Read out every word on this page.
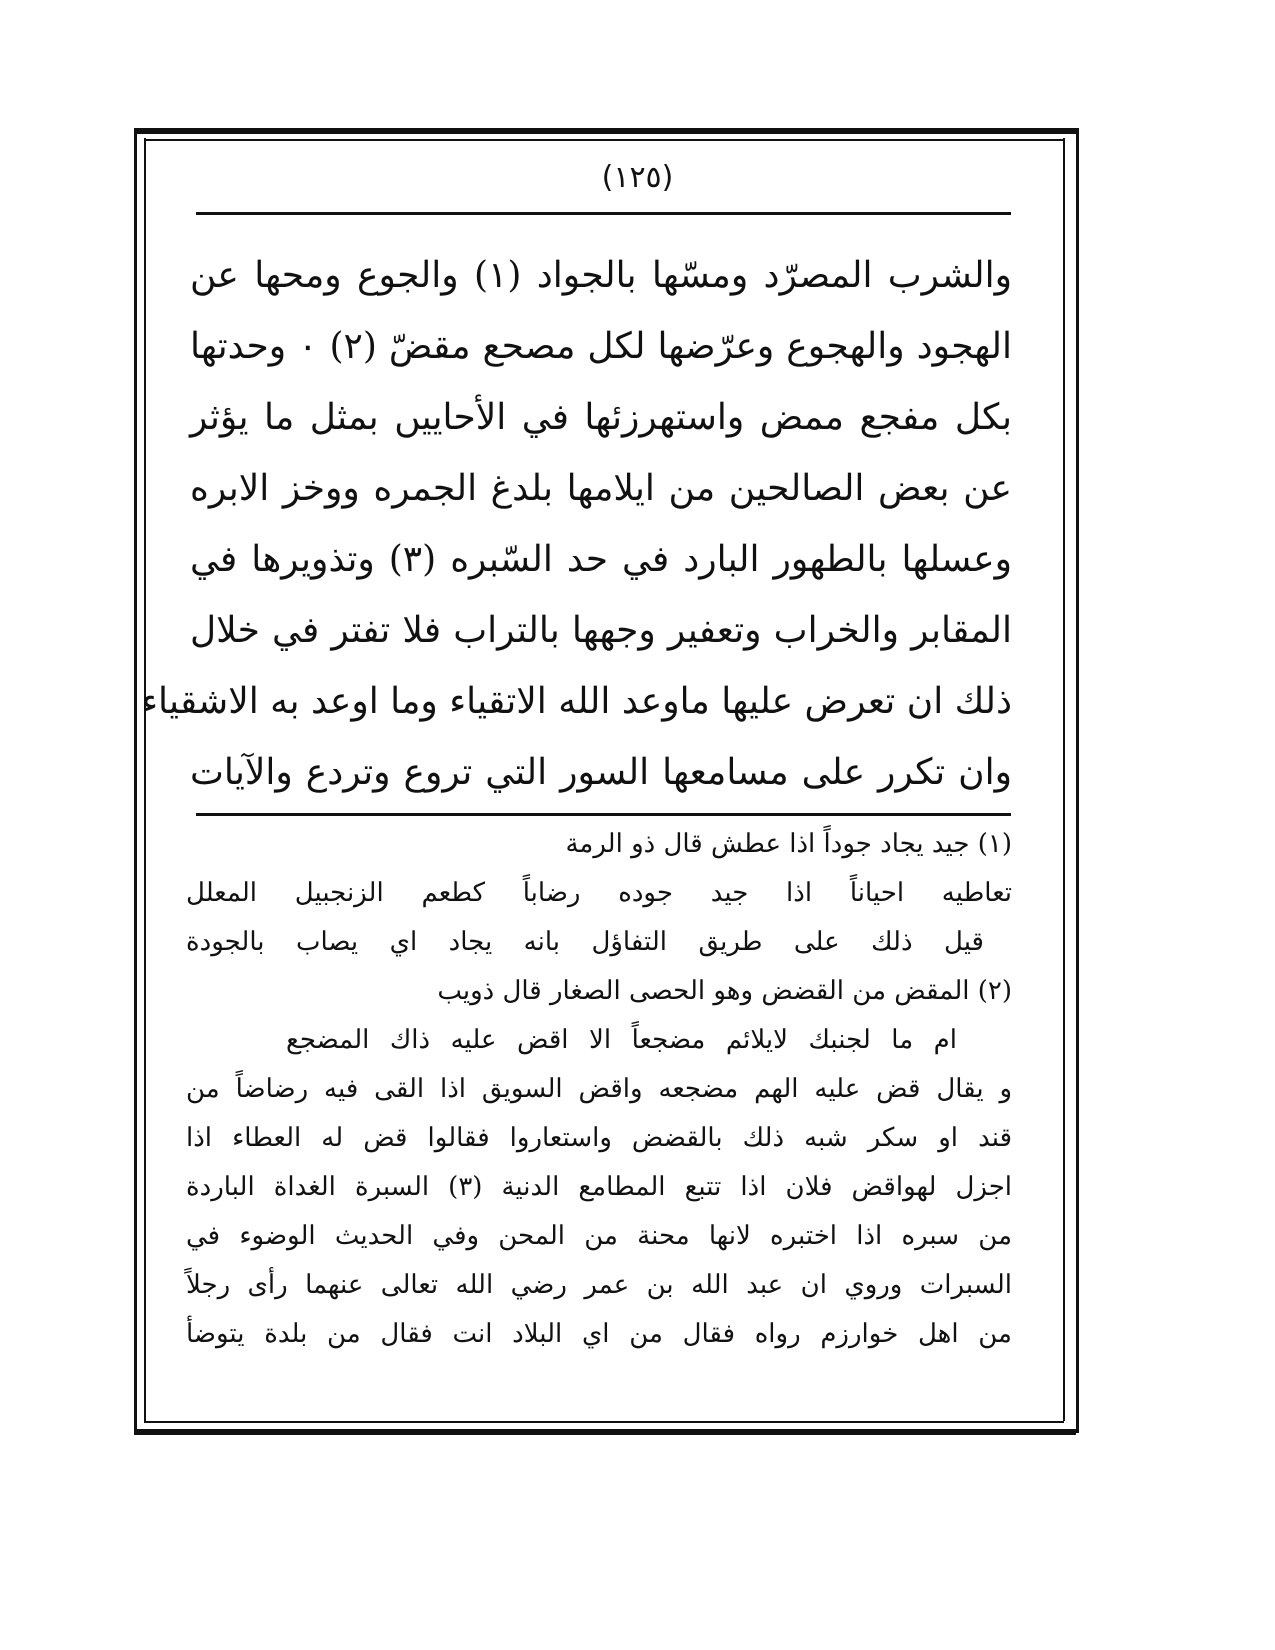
(١٢٥)
والشرب المصرّد ومسّها بالجواد (١) والجوع ومحها عن
الهجود والهجوع وعرّضها لكل مصحع مقضّ (٢) ٠ وحدتها
بكل مفجع ممض واستهرزئها في الأحاييں بمثل ما يؤثر
عن بعض الصالحين من ايلامها بلدغ الجمره ووخز الابره
وعسلها بالطهور البارد في حد السّبره (٣) وتذويرها في
المقابر والخراب وتعفير وجهها بالتراب فلا تفتر في خلال
ذلك ان تعرض عليها ماوعد الله الاتقياء وما اوعد به الاشقياء
وان تكرر على مسامعها السور التي تروع وتردع والآيات
(١) جيد يجاد جوداً اذا عطش قال ذو الرمة
تعاطيه احياناً اذا جيد جوده رضاباً كطعم الزنجبيل المعلل
قيل ذلك على طريق التفاؤل بانه يجاد اي يصاب بالجودة
(٢) المقض من القضض وهو الحصى الصغار قال ذويب
ام ما لجنبك لايلائم مضجعاً الا اقض عليه ذاك المضجع
و يقال قض عليه الهم مضجعه واقض السويق اذا القى فيه رضاضاً من
قند او سكر شبه ذلك بالقضض واستعاروا فقالوا قض له العطاء اذا
اجزل لهواقض فلان اذا تتبع المطامع الدنية (٣) السبرة الغداة الباردة
من سبره اذا اختبره لانها محنة من المحن وفي الحديث الوضوء في
السبرات وروي ان عبد الله بن عمر رضي الله تعالى عنهما رأى رجلاً
من اهل خوارزم رواه فقال من اي البلاد انت فقال من بلدة يتوضأ
